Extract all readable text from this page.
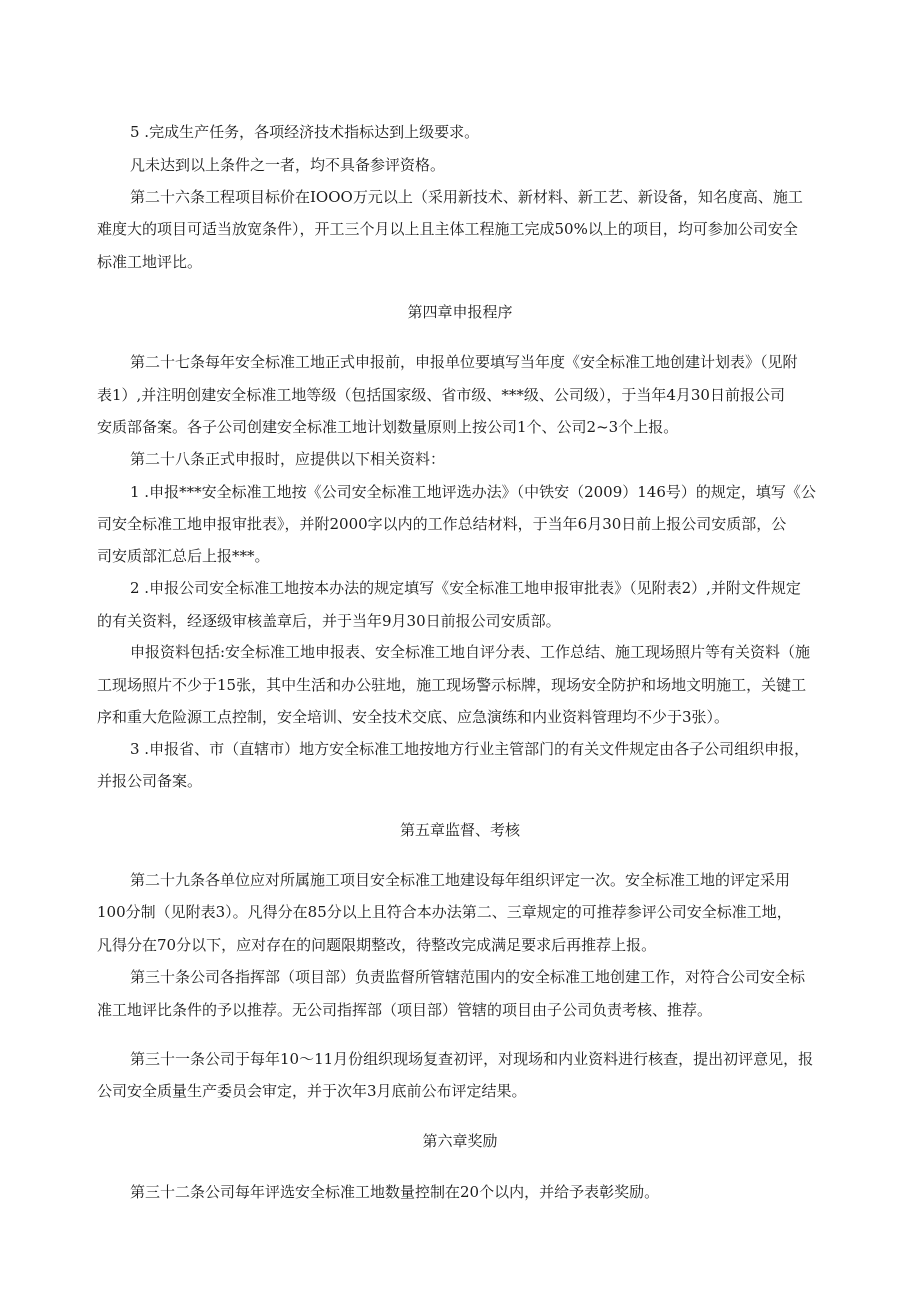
5 .完成生产任务，各项经济技术指标达到上级要求。
凡未达到以上条件之一者，均不具备参评资格。
第二十六条工程项目标价在IOOO万元以上（采用新技术、新材料、新工艺、新设备，知名度高、施工
难度大的项目可适当放宽条件），开工三个月以上且主体工程施工完成50%以上的项目，均可参加公司安全
标准工地评比。
第四章申报程序
第二十七条每年安全标准工地正式申报前，申报单位要填写当年度《安全标准工地创建计划表》（见附
表1）,并注明创建安全标准工地等级（包括国家级、省市级、***级、公司级），于当年4月30日前报公司
安质部备案。各子公司创建安全标准工地计划数量原则上按公司1个、公司2~3个上报。
第二十八条正式申报时，应提供以下相关资料：
1 .申报***安全标准工地按《公司安全标准工地评选办法》（中铁安（2009）146号）的规定，填写《公
司安全标准工地申报审批表》，并附2000字以内的工作总结材料，于当年6月30日前上报公司安质部，公
司安质部汇总后上报***。
2 .申报公司安全标准工地按本办法的规定填写《安全标准工地申报审批表》（见附表2）,并附文件规定
的有关资料，经逐级审核盖章后，并于当年9月30日前报公司安质部。
申报资料包括:安全标准工地申报表、安全标准工地自评分表、工作总结、施工现场照片等有关资料（施
工现场照片不少于15张，其中生活和办公驻地，施工现场警示标牌，现场安全防护和场地文明施工，关键工
序和重大危险源工点控制，安全培训、安全技术交底、应急演练和内业资料管理均不少于3张）。
3 .申报省、市（直辖市）地方安全标准工地按地方行业主管部门的有关文件规定由各子公司组织申报，
并报公司备案。
第五章监督、考核
第二十九条各单位应对所属施工项目安全标准工地建设每年组织评定一次。安全标准工地的评定采用
100分制（见附表3）。凡得分在85分以上且符合本办法第二、三章规定的可推荐参评公司安全标准工地，
凡得分在70分以下，应对存在的问题限期整改，待整改完成满足要求后再推荐上报。
第三十条公司各指挥部（项目部）负责监督所管辖范围内的安全标准工地创建工作，对符合公司安全标
准工地评比条件的予以推荐。无公司指挥部（项目部）管辖的项目由子公司负责考核、推荐。
第三十一条公司于每年10～11月份组织现场复查初评，对现场和内业资料进行核查，提出初评意见，报
公司安全质量生产委员会审定，并于次年3月底前公布评定结果。
第六章奖励
第三十二条公司每年评选安全标准工地数量控制在20个以内，并给予表彰奖励。
